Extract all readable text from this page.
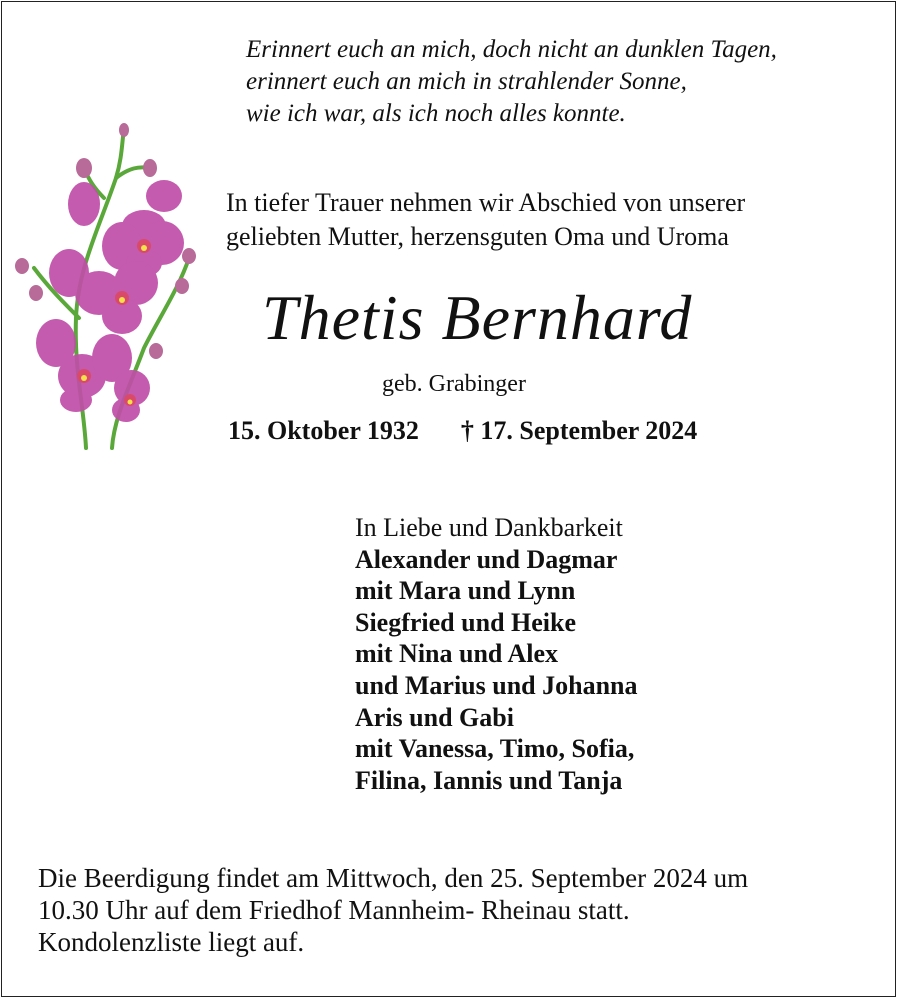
Erinnert euch an mich, doch nicht an dunklen Tagen,
erinnert euch an mich in strahlender Sonne,
wie ich war, als ich noch alles konnte.
In tiefer Trauer nehmen wir Abschied von unserer
geliebten Mutter, herzensguten Oma und Uroma
Thetis Bernhard
geb. Grabinger
15. Oktober 1932 † 17. September 2024
In Liebe und Dankbarkeit
Alexander und Dagmar
mit Mara und Lynn
Siegfried und Heike
mit Nina und Alex
und Marius und Johanna
Aris und Gabi
mit Vanessa, Timo, Sofia,
Filina, Iannis und Tanja
Die Beerdigung findet am Mittwoch, den 25. September 2024 um
10.30 Uhr auf dem Friedhof Mannheim- Rheinau statt.
Kondolenzliste liegt auf.
